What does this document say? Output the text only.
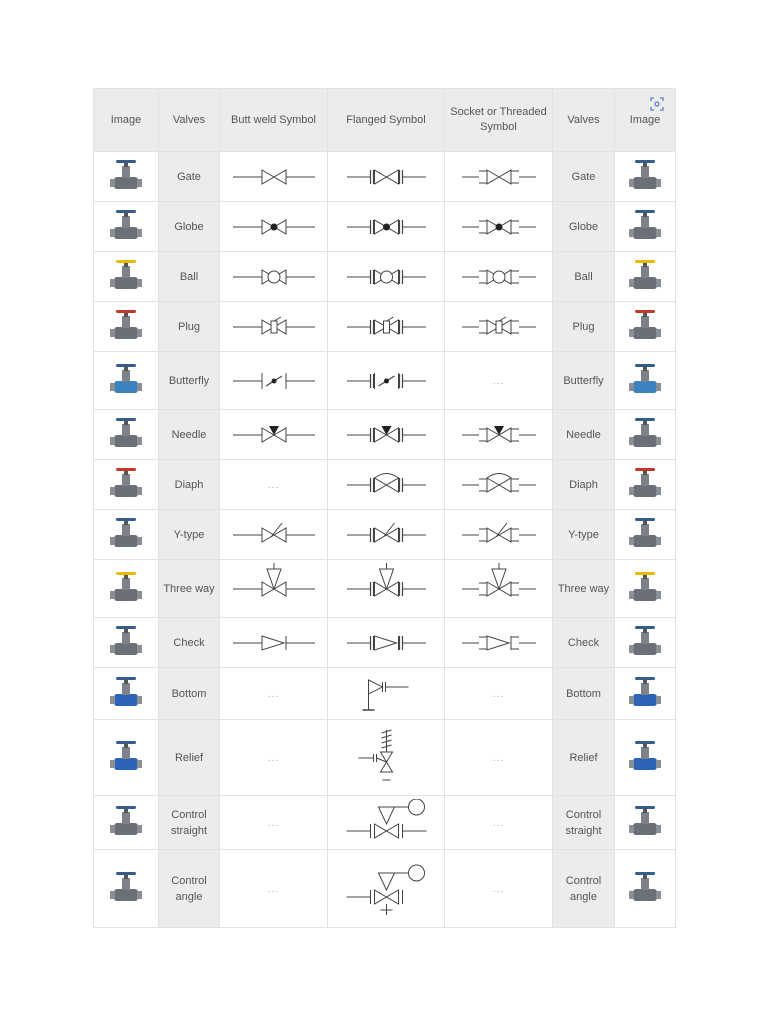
Image	Valves	Butt weld Symbol	Flanged Symbol	Socket or Threaded Symbol	Valves	Image

	Gate				Gate	

	Globe				Globe	

	Ball				Ball	

	Plug				Plug	

	Butterfly			...	Butterfly	

	Needle				Needle	

	Diaph	...			Diaph	

	Y-type				Y-type	

	Three way				Three way	

	Check				Check	

	Bottom	...		...	Bottom	

	Relief	...		...	Relief	

	Control straight	...		...	Control straight	

	Control angle	...		...	Control angle	
